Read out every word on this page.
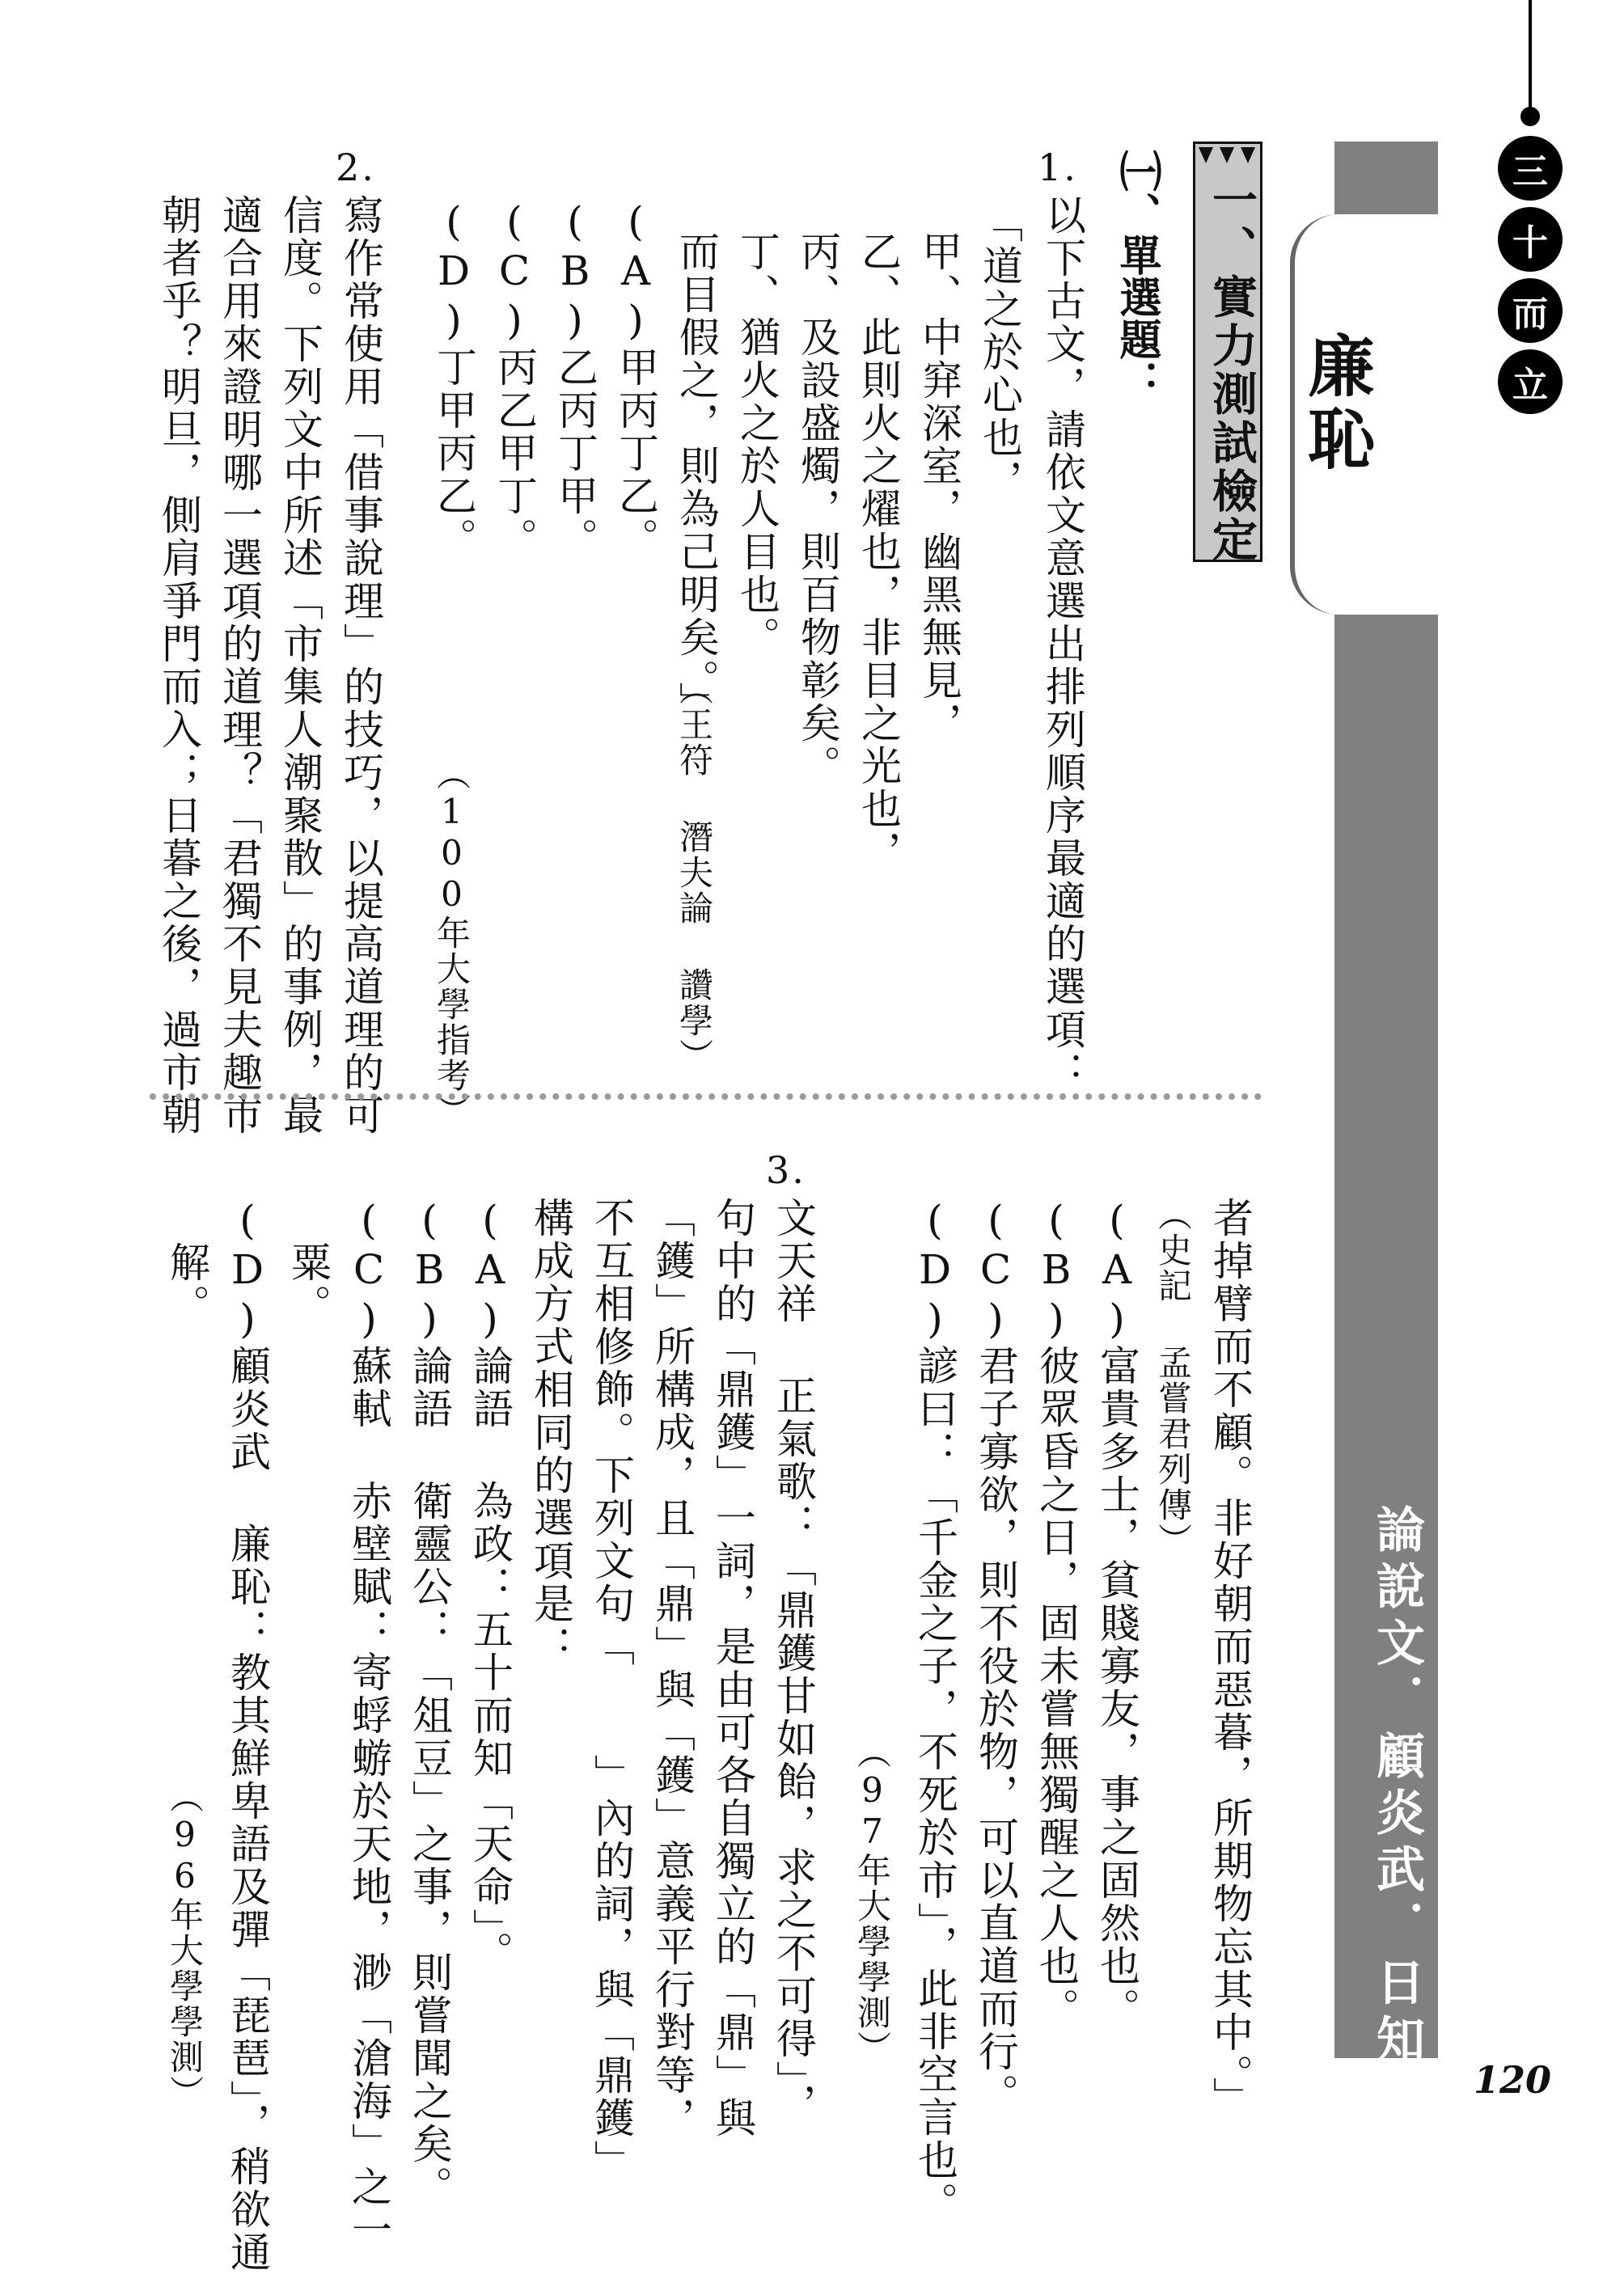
三
十
而
立
廉恥
論說文．顧炎武．日知錄 120
一、實力測試檢定
㈠、單選題：
1.
以下古文，請依文意選出排列順序最適的選項：
「道之於心也，
甲、中穽深室，幽黑無見，
乙、此則火之燿也，非目之光也，
丙、及設盛燭，則百物彰矣。
丁、猶火之於人目也。
而目假之，則為己明矣。」
（王符 潛夫論 讚學）
(A)甲丙丁乙。
(B)乙丙丁甲。
(C)丙乙甲丁。
(D)丁甲丙乙。
（100年大學指考）
2.
寫作常使用「借事說理」的技巧，以提高道理的可
信度。下列文中所述「市集人潮聚散」的事例，最
適合用來證明哪一選項的道理？「君獨不見夫趣市
朝者乎？明旦，側肩爭門而入；日暮之後，過市朝
者掉臂而不顧。非好朝而惡暮，所期物忘其中。」
（史記 孟嘗君列傳）
(A)富貴多士，貧賤寡友，事之固然也。
(B)彼眾昏之日，固未嘗無獨醒之人也。
(C)君子寡欲，則不役於物，可以直道而行。
(D)諺曰：「千金之子，不死於市」，此非空言也。
（97年大學學測）
3.
文天祥 正氣歌：「鼎鑊甘如飴，求之不可得」，
句中的「鼎鑊」一詞，是由可各自獨立的「鼎」與
「鑊」所構成，且「鼎」與「鑊」意義平行對等，
不互相修飾。下列文句「　　」內的詞，與「鼎鑊」
構成方式相同的選項是：
(A)論語 為政：五十而知「天命」。
(B)論語 衛靈公：「俎豆」之事，則嘗聞之矣。
(C)蘇軾 赤壁賦：寄蜉蝣於天地，渺「滄海」之一
粟。
(D)顧炎武 廉恥：教其鮮卑語及彈「琵琶」，稍欲通
解。
（96年大學學測）
